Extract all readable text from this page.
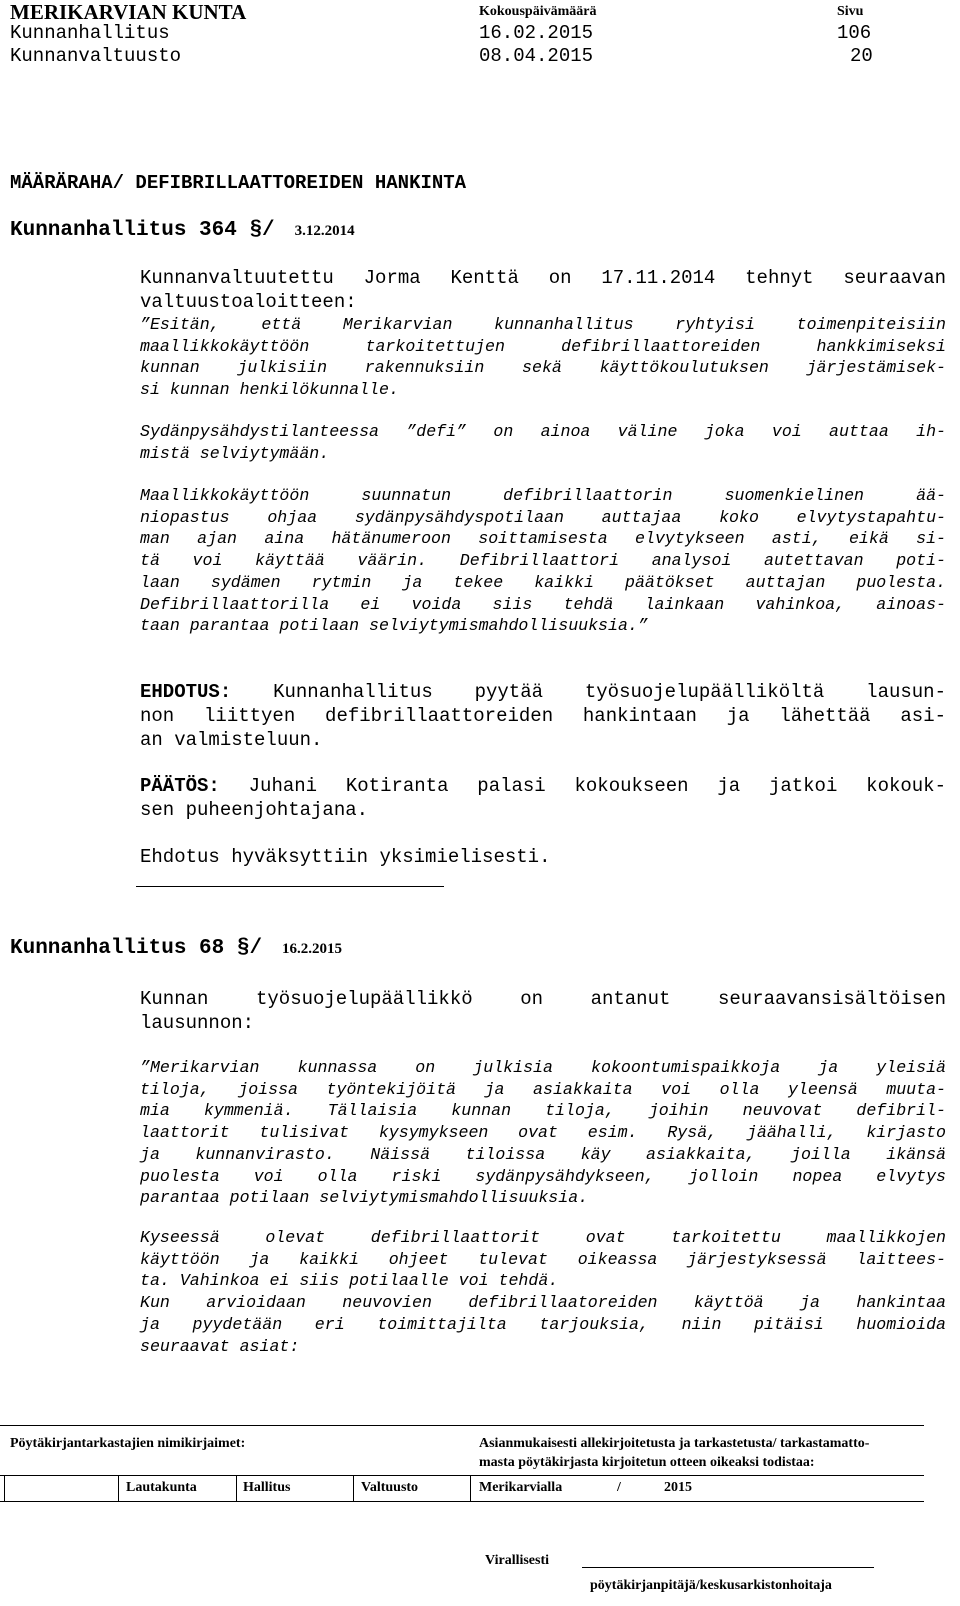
MERIKARVIAN KUNTA	Kokouspäivämäärä	Sivu
Kunnanhallitus	16.02.2015	106
Kunnanvaltuusto	08.04.2015	20
MÄÄRÄRAHA/ DEFIBRILLAATTOREIDEN HANKINTA
Kunnanhallitus 364 §/ 3.12.2014
Kunnanvaltuutettu Jorma Kenttä on 17.11.2014 tehnyt seuraavan
valtuustoaloitteen:
”Esitän, että Merikarvian kunnanhallitus ryhtyisi toimenpiteisiin
maallikkokäyttöön tarkoitettujen defibrillaattoreiden hankkimiseksi
kunnan julkisiin rakennuksiin sekä käyttökoulutuksen järjestämisek-
si kunnan henkilökunnalle.
Sydänpysähdystilanteessa ”defi” on ainoa väline joka voi auttaa ih-
mistä selviytymään.
Maallikkokäyttöön suunnatun defibrillaattorin suomenkielinen ää-
niopastus ohjaa sydänpysähdyspotilaan auttajaa koko elvytystapahtu-
man ajan aina hätänumeroon soittamisesta elvytykseen asti, eikä si-
tä voi käyttää väärin. Defibrillaattori analysoi autettavan poti-
laan sydämen rytmin ja tekee kaikki päätökset auttajan puolesta.
Defibrillaattorilla ei voida siis tehdä lainkaan vahinkoa, ainoas-
taan parantaa potilaan selviytymismahdollisuuksia.”
EHDOTUS: Kunnanhallitus pyytää työsuojelupäälliköltä lausun-
non liittyen defibrillaattoreiden hankintaan ja lähettää asi-
an valmisteluun.
PÄÄTÖS: Juhani Kotiranta palasi kokoukseen ja jatkoi kokouk-
sen puheenjohtajana.
Ehdotus hyväksyttiin yksimielisesti.
Kunnanhallitus 68 §/ 16.2.2015
Kunnan työsuojelupäällikkö on antanut seuraavansisältöisen
lausunnon:
”Merikarvian kunnassa on julkisia kokoontumispaikkoja ja yleisiä
tiloja, joissa työntekijöitä ja asiakkaita voi olla yleensä muuta-
mia kymmeniä. Tällaisia kunnan tiloja, joihin neuvovat defibril-
laattorit tulisivat kysymykseen ovat esim. Rysä, jäähalli, kirjasto
ja kunnanvirasto. Näissä tiloissa käy asiakkaita, joilla ikänsä
puolesta voi olla riski sydänpysähdykseen, jolloin nopea elvytys
parantaa potilaan selviytymismahdollisuuksia.
Kyseessä olevat defibrillaattorit ovat tarkoitettu maallikkojen
käyttöön ja kaikki ohjeet tulevat oikeassa järjestyksessä laittees-
ta. Vahinkoa ei siis potilaalle voi tehdä.
Kun arvioidaan neuvovien defibrillaatoreiden käyttöä ja hankintaa
ja pyydetään eri toimittajilta tarjouksia, niin pitäisi huomioida
seuraavat asiat:
Pöytäkirjantarkastajien nimikirjaimet:	Asianmukaisesti allekirjoitetusta ja tarkastetusta/ tarkastamatto-
masta pöytäkirjasta kirjoitetun otteen oikeaksi todistaa:
Lautakunta	Hallitus	Valtuusto	Merikarvialla	/	2015
Virallisesti
pöytäkirjanpitäjä/keskusarkistonhoitaja
